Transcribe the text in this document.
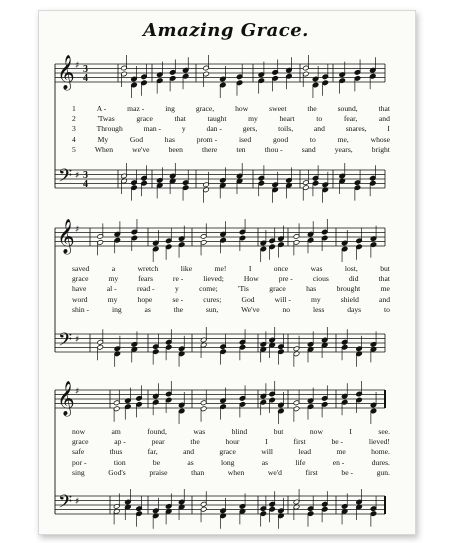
Amazing Grace.
𝄞
𝄢
♯
♯
3
4
3
4
𝄞
𝄢
♯
♯
𝄞
𝄢
♯
♯
1	A -	maz -	ing	grace,	how	sweet	the	sound,	that
2	'Twas	grace	that	taught	my	heart	to	fear,	and
3	Through	man -	y	dan -	gers,	toils,	and	snares,	I
4	My	God	has	prom -	ised	good	to	me,	whose
5	When	we've	been	there	ten	thou -	sand	years,	bright
saved	a	wretch	like	me!	I	once	was	lost,	but
grace	my	fears	re -	lieved;	How	pre -	cious	did	that
have	al -	read -	y	come;	'Tis	grace	has	brought	me
word	my	hope	se -	cures;	God	will -	my	shield	and
shin -	ing	as	the	sun,	We've	no	less	days	to
now	am	found,	was	blind	but	now	I	see.
grace	ap -	pear	the	hour	I	first	be -	lieved!
safe	thus	far,	and	grace	will	lead	me	home.
por -	tion	be	as	long	as	life	en -	dures.
sing	God's	praise	than	when	we'd	first	be -	gun.
